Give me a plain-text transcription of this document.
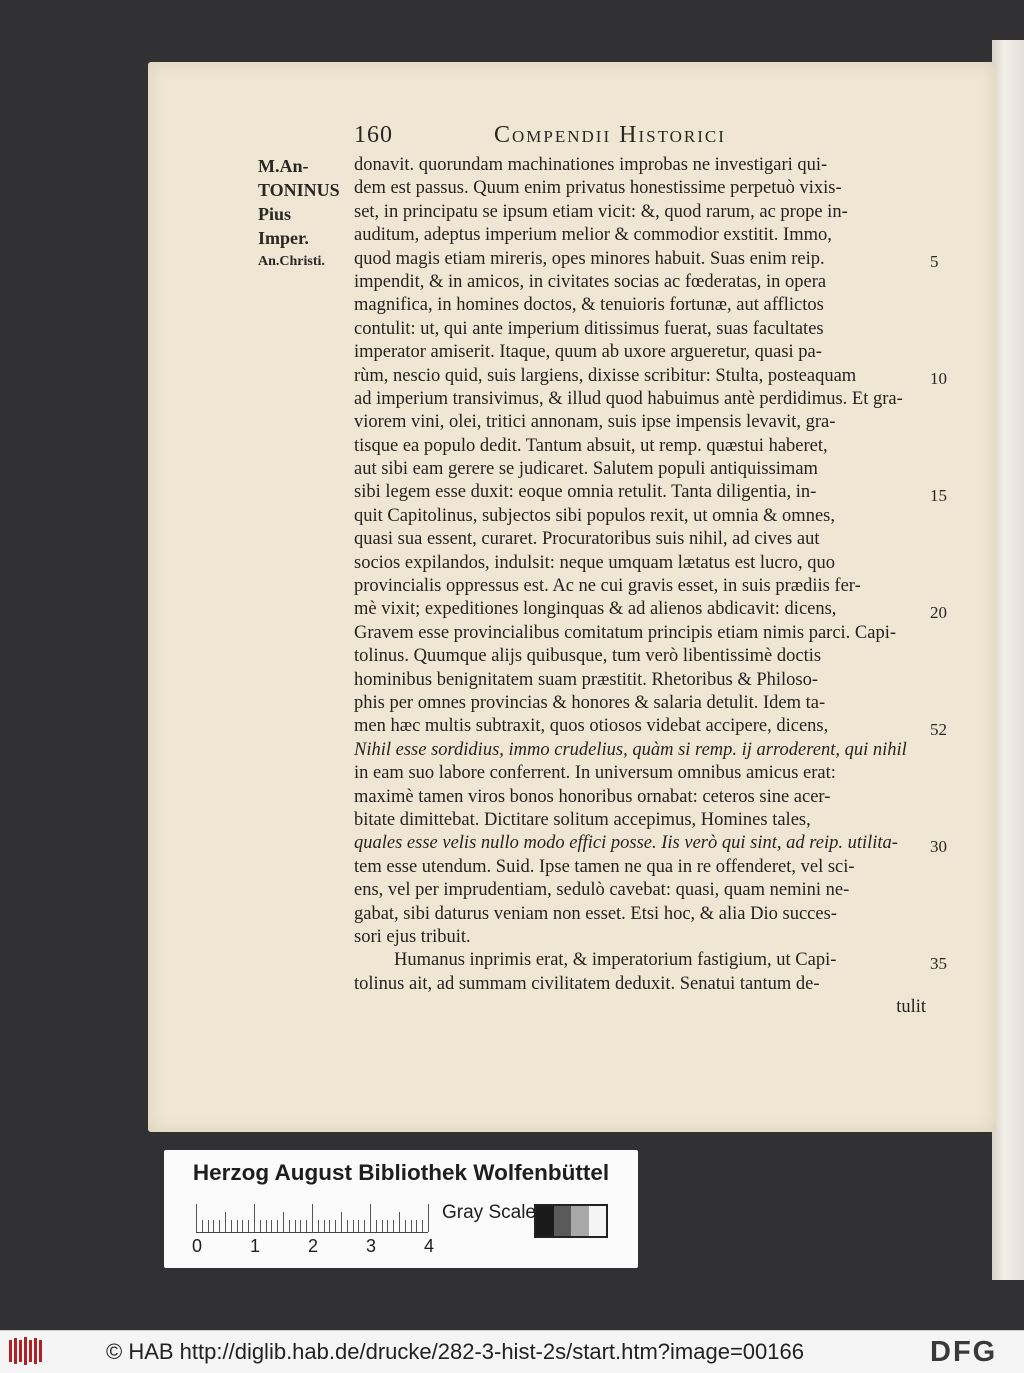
160	Compendii Historici
M.An-
TONINUS
Pius
Imper.
An.Christi.
donavit. quorundam machinationes improbas ne investigari qui-
dem est passus. Quum enim privatus honestissime perpetuò vixis-
set, in principatu se ipsum etiam vicit: &, quod rarum, ac prope in-
auditum, adeptus imperium melior & commodior exstitit. Immo,
quod magis etiam mireris, opes minores habuit. Suas enim reip.
impendit, & in amicos, in civitates socias ac fœderatas, in opera
magnifica, in homines doctos, & tenuioris fortunæ, aut afflictos
contulit: ut, qui ante imperium ditissimus fuerat, suas facultates
imperator amiserit. Itaque, quum ab uxore argueretur, quasi pa-
rùm, nescio quid, suis largiens, dixisse scribitur: Stulta, posteaquam
ad imperium transivimus, & illud quod habuimus antè perdidimus. Et gra-
viorem vini, olei, tritici annonam, suis ipse impensis levavit, gra-
tisque ea populo dedit. Tantum absuit, ut remp. quæstui haberet,
aut sibi eam gerere se judicaret. Salutem populi antiquissimam
sibi legem esse duxit: eoque omnia retulit. Tanta diligentia, in-
quit Capitolinus, subjectos sibi populos rexit, ut omnia & omnes,
quasi sua essent, curaret. Procuratoribus suis nihil, ad cives aut
socios expilandos, indulsit: neque umquam lætatus est lucro, quo
provincialis oppressus est. Ac ne cui gravis esset, in suis prædiis fer-
mè vixit; expeditiones longinquas & ad alienos abdicavit: dicens,
Gravem esse provincialibus comitatum principis etiam nimis parci. Capi-
tolinus. Quumque alijs quibusque, tum verò libentissimè doctis
hominibus benignitatem suam præstitit. Rhetoribus & Philoso-
phis per omnes provincias & honores & salaria detulit. Idem ta-
men hæc multis subtraxit, quos otiosos videbat accipere, dicens,
Nihil esse sordidius, immo crudelius, quàm si remp. ij arroderent, qui nihil
in eam suo labore conferrent. In universum omnibus amicus erat:
maximè tamen viros bonos honoribus ornabat: ceteros sine acer-
bitate dimittebat. Dictitare solitum accepimus, Homines tales,
quales esse velis nullo modo effici posse. Iis verò qui sint, ad reip. utilita-
tem esse utendum. Suid. Ipse tamen ne qua in re offenderet, vel sci-
ens, vel per imprudentiam, sedulò cavebat: quasi, quam nemini ne-
gabat, sibi daturus veniam non esset. Etsi hoc, & alia Dio succes-
sori ejus tribuit.
Humanus inprimis erat, & imperatorium fastigium, ut Capi-
tolinus ait, ad summam civilitatem deduxit. Senatui tantum de-
tulit
5
10
15
20
52
30
35
Herzog August Bibliothek Wolfenbüttel
0	1	2	3	4
Gray Scale
© HAB http://diglib.hab.de/drucke/282-3-hist-2s/start.htm?image=00166	DFG
